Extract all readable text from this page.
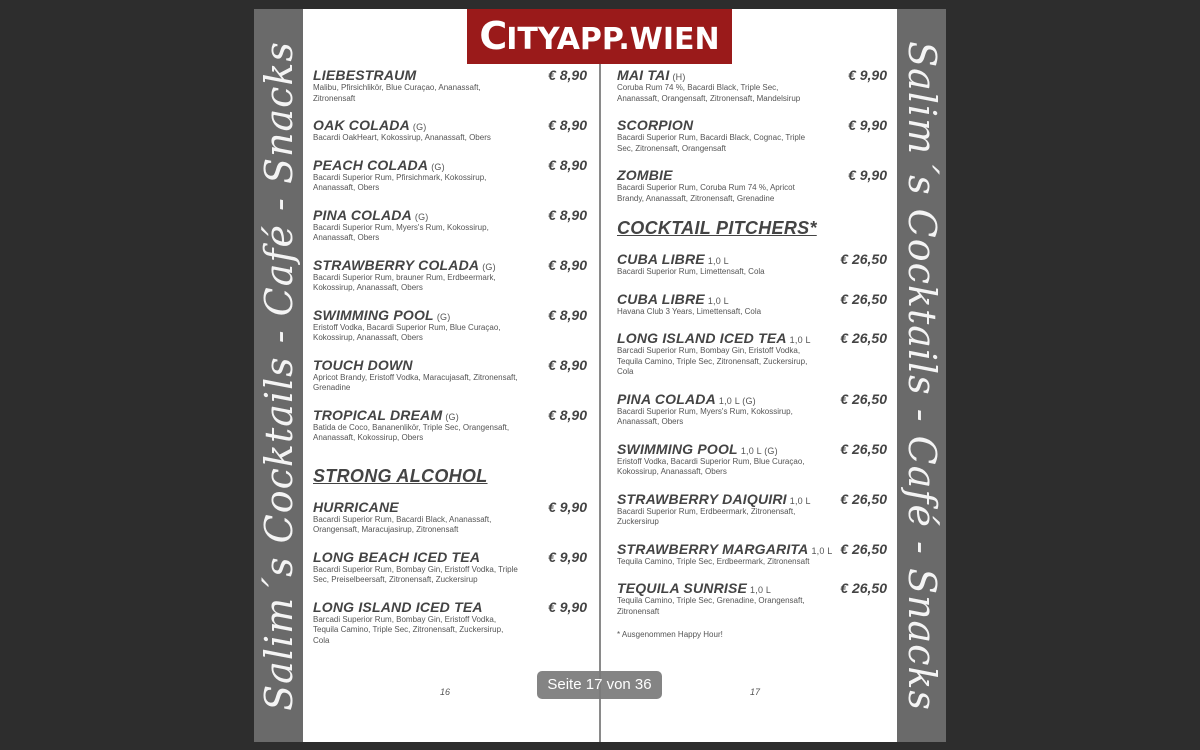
Salim´s Cocktails - Café - Snacks	Salim´s Cocktails - Café - Snacks
CITYAPP.WIEN
LIEBESTRAUM	€ 8,90
Malibu, Pfirsichlikör, Blue Curaçao, Ananassaft, Zitronensaft
OAK COLADA (G)	€ 8,90
Bacardi OakHeart, Kokossirup, Ananassaft, Obers
PEACH COLADA (G)	€ 8,90
Bacardi Superior Rum, Pfirsichmark, Kokossirup, Ananassaft, Obers
PINA COLADA (G)	€ 8,90
Bacardi Superior Rum, Myers's Rum, Kokossirup, Ananassaft, Obers
STRAWBERRY COLADA (G)	€ 8,90
Bacardi Superior Rum, brauner Rum, Erdbeermark, Kokossirup, Ananassaft, Obers
SWIMMING POOL (G)	€ 8,90
Eristoff Vodka, Bacardi Superior Rum, Blue Curaçao, Kokossirup, Ananassaft, Obers
TOUCH DOWN	€ 8,90
Apricot Brandy, Eristoff Vodka, Maracujasaft, Zitronensaft, Grenadine
TROPICAL DREAM (G)	€ 8,90
Batida de Coco, Bananenlikör, Triple Sec, Orangensaft, Ananassaft, Kokossirup, Obers
STRONG ALCOHOL
HURRICANE	€ 9,90
Bacardi Superior Rum, Bacardi Black, Ananassaft, Orangensaft, Maracujasirup, Zitronensaft
LONG BEACH ICED TEA	€ 9,90
Bacardi Superior Rum, Bombay Gin, Eristoff Vodka, Triple Sec, Preiselbeersaft, Zitronensaft, Zuckersirup
LONG ISLAND ICED TEA	€ 9,90
Barcadi Superior Rum, Bombay Gin, Eristoff Vodka, Tequila Camino, Triple Sec, Zitronensaft, Zuckersirup, Cola
16
MAI TAI (H)	€ 9,90
Coruba Rum 74 %, Bacardi Black, Triple Sec, Ananassaft, Orangensaft, Zitronensaft, Mandelsirup
SCORPION	€ 9,90
Bacardi Superior Rum, Bacardi Black, Cognac, Triple Sec, Zitronensaft, Orangensaft
ZOMBIE	€ 9,90
Bacardi Superior Rum, Coruba Rum 74 %, Apricot Brandy, Ananassaft, Zitronensaft, Grenadine
COCKTAIL PITCHERS*
CUBA LIBRE 1,0 L	€ 26,50
Bacardi Superior Rum, Limettensaft, Cola
CUBA LIBRE 1,0 L	€ 26,50
Havana Club 3 Years, Limettensaft, Cola
LONG ISLAND ICED TEA 1,0 L € 26,50
Barcadi Superior Rum, Bombay Gin, Eristoff Vodka, Tequila Camino, Triple Sec, Zitronensaft, Zuckersirup, Cola
PINA COLADA 1,0 L (G)	€ 26,50
Bacardi Superior Rum, Myers's Rum, Kokossirup, Ananassaft, Obers
SWIMMING POOL 1,0 L (G)	€ 26,50
Eristoff Vodka, Bacardi Superior Rum, Blue Curaçao, Kokossirup, Ananassaft, Obers
STRAWBERRY DAIQUIRI 1,0 L € 26,50
Bacardi Superior Rum, Erdbeermark, Zitronensaft, Zuckersirup
STRAWBERRY MARGARITA 1,0 L € 26,50
Tequila Camino, Triple Sec, Erdbeermark, Zitronensaft
TEQUILA SUNRISE 1,0 L	€ 26,50
Tequila Camino, Triple Sec, Grenadine, Orangensaft, Zitronensaft
* Ausgenommen Happy Hour!
17
Seite 17 von 36
